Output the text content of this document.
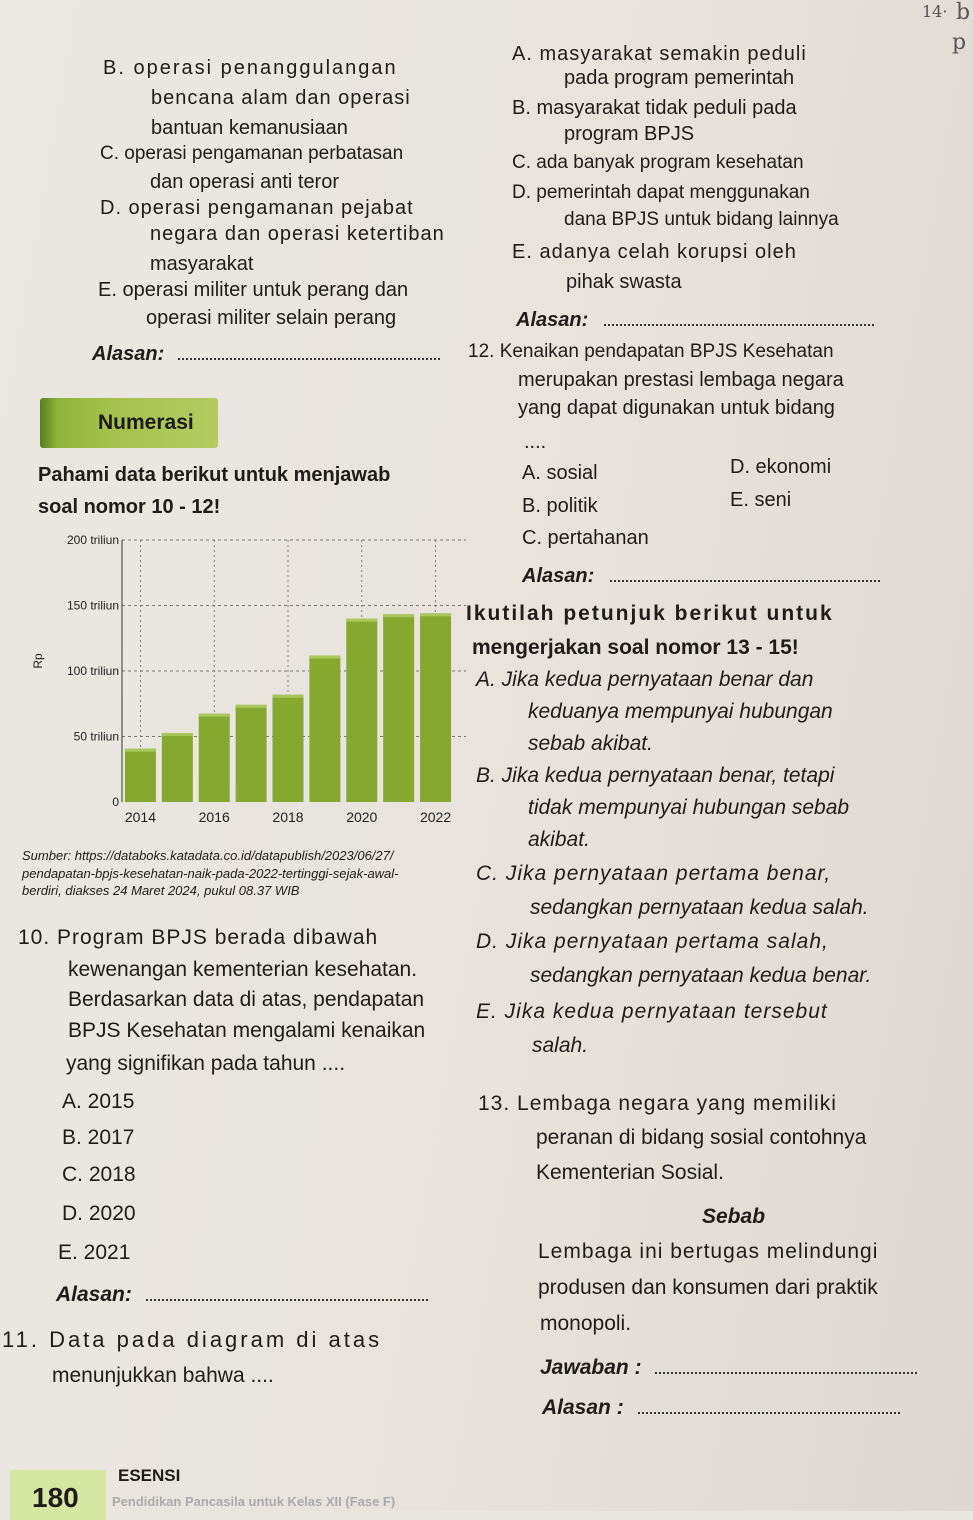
14· b
p
B. operasi penanggulangan
bencana alam dan operasi
bantuan kemanusiaan
C. operasi pengamanan perbatasan
dan operasi anti teror
D. operasi pengamanan pejabat
negara dan operasi ketertiban
masyarakat
E. operasi militer untuk perang dan
operasi militer selain perang
Alasan:
A. masyarakat semakin peduli
pada program pemerintah
B. masyarakat tidak peduli pada
program BPJS
C. ada banyak program kesehatan
D. pemerintah dapat menggunakan
dana BPJS untuk bidang lainnya
E. adanya celah korupsi oleh
pihak swasta
Alasan:
Numerasi
Pahami data berikut untuk menjawab
soal nomor 10 - 12!
0
50 triliun
100 triliun
150 triliun
200 triliun
2014	2016	2018	2020	2022
Rp
Sumber: https://databoks.katadata.co.id/datapublish/2023/06/27/
pendapatan-bpjs-kesehatan-naik-pada-2022-tertinggi-sejak-awal-
berdiri, diakses 24 Maret 2024, pukul 08.37 WIB
10. Program BPJS berada dibawah
kewenangan kementerian kesehatan.
Berdasarkan data di atas, pendapatan
BPJS Kesehatan mengalami kenaikan
yang signifikan pada tahun ....
A. 2015
B. 2017
C. 2018
D. 2020
E. 2021
Alasan:
11. Data pada diagram di atas
menunjukkan bahwa ....
12. Kenaikan pendapatan BPJS Kesehatan
merupakan prestasi lembaga negara
yang dapat digunakan untuk bidang
....
A. sosial	D. ekonomi
B. politik	E. seni
C. pertahanan
Alasan:
Ikutilah petunjuk berikut untuk
mengerjakan soal nomor 13 - 15!
A. Jika kedua pernyataan benar dan
keduanya mempunyai hubungan
sebab akibat.
B. Jika kedua pernyataan benar, tetapi
tidak mempunyai hubungan sebab
akibat.
C. Jika pernyataan pertama benar,
sedangkan pernyataan kedua salah.
D. Jika pernyataan pertama salah,
sedangkan pernyataan kedua benar.
E. Jika kedua pernyataan tersebut
salah.
13. Lembaga negara yang memiliki
peranan di bidang sosial contohnya
Kementerian Sosial.
Sebab
Lembaga ini bertugas melindungi
produsen dan konsumen dari praktik
monopoli.
Jawaban :
Alasan :
180
ESENSI
Pendidikan Pancasila untuk Kelas XII (Fase F)
